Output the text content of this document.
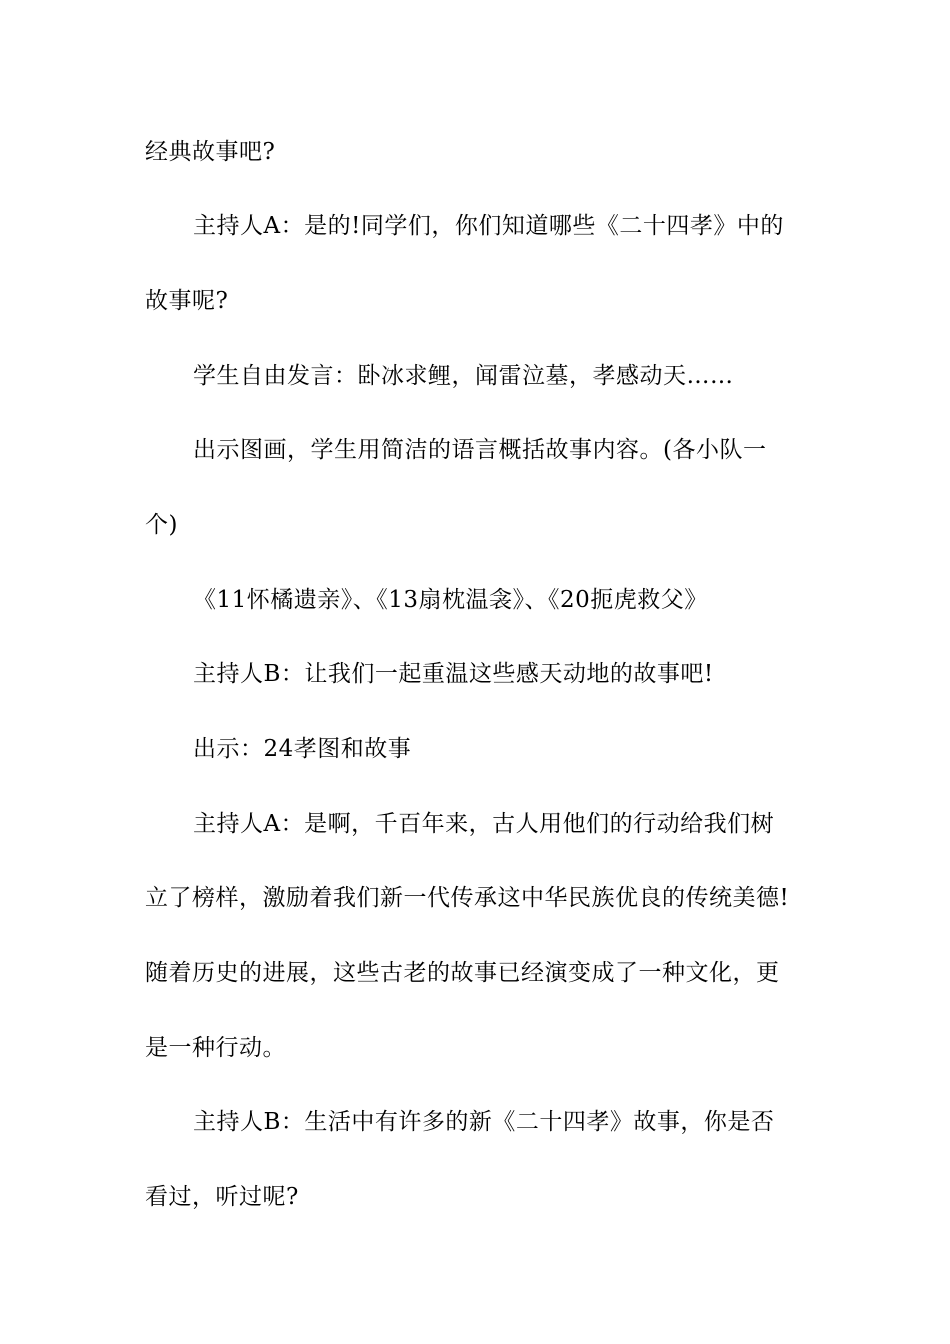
经典故事吧?
主持人A：是的!同学们，你们知道哪些《二十四孝》中的
故事呢?
学生自由发言：卧冰求鲤，闻雷泣墓，孝感动天……
出示图画，学生用简洁的语言概括故事内容。(各小队一
个)
《11怀橘遗亲》、《13扇枕温衾》、《20扼虎救父》
主持人B：让我们一起重温这些感天动地的故事吧!
出示：24孝图和故事
主持人A：是啊，千百年来，古人用他们的行动给我们树
立了榜样，激励着我们新一代传承这中华民族优良的传统美德!
随着历史的进展，这些古老的故事已经演变成了一种文化，更
是一种行动。
主持人B：生活中有许多的新《二十四孝》故事，你是否
看过，听过呢?
